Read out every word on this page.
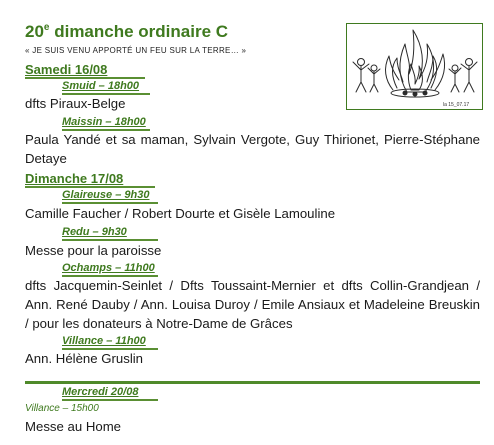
20e dimanche ordinaire C
« JE SUIS VENU APPORTÉ UN FEU SUR LA TERRE… »
la 15_07.17
Samedi 16/08
Smuid – 18h00
dfts Piraux-Belge
Maissin – 18h00
Paula Yandé et sa maman, Sylvain Vergote, Guy Thirionet, Pierre-Stéphane Detaye
Dimanche 17/08
Glaireuse – 9h30
Camille Faucher / Robert Dourte et Gisèle Lamouline
Redu – 9h30
Messe pour la paroisse
Ochamps – 11h00
dfts Jacquemin-Seinlet / Dfts Toussaint-Mernier et dfts Collin-Grandjean / Ann. René Dauby / Ann. Louisa Duroy / Emile Ansiaux et Madeleine Breuskin / pour les donateurs à Notre-Dame de Grâces
Villance – 11h00
Ann. Hélène Gruslin
Mercredi 20/08
Villance – 15h00
Messe au Home
